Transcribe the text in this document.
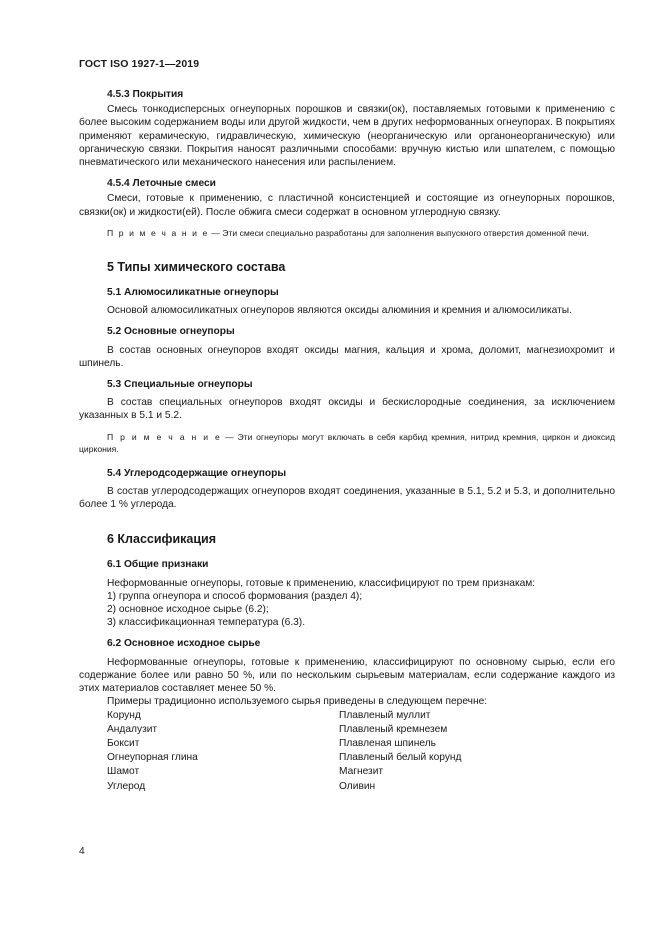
ГОСТ ISO 1927-1—2019
4.5.3 Покрытия

Смесь тонкодисперсных огнеупорных порошков и связки(ок), поставляемых готовыми к применению с более высоким содержанием воды или другой жидкости, чем в других неформованных огнеупорах. В покрытиях применяют керамическую, гидравлическую, химическую (неорганическую или органонеорганическую) или органическую связки. Покрытия наносят различными способами: вручную кистью или шпателем, с помощью пневматического или механического нанесения или распылением.

4.5.4 Леточные смеси

Смеси, готовые к применению, с пластичной консистенцией и состоящие из огнеупорных порошков, связки(ок) и жидкости(ей). После обжига смеси содержат в основном углеродную связку.

П р и м е ч а н и е — Эти смеси специально разработаны для заполнения выпускного отверстия доменной печи.

5 Типы химического состава
5.1 Алюмосиликатные огнеупоры

Основой алюмосиликатных огнеупоров являются оксиды алюминия и кремния и алюмосиликаты.

5.2 Основные огнеупоры

В состав основных огнеупоров входят оксиды магния, кальция и хрома, доломит, магнезиохромит и шпинель.

5.3 Специальные огнеупоры

В состав специальных огнеупоров входят оксиды и бескислородные соединения, за исключением указанных в 5.1 и 5.2.

П р и м е ч а н и е — Эти огнеупоры могут включать в себя карбид кремния, нитрид кремния, циркон и диоксид циркония.

5.4 Углеродсодержащие огнеупоры

В состав углеродсодержащих огнеупоров входят соединения, указанные в 5.1, 5.2 и 5.3, и дополнительно более 1 % углерода.

6 Классификация
6.1 Общие признаки

Неформованные огнеупоры, готовые к применению, классифицируют по трем признакам:

1) группа огнеупора и способ формования (раздел 4);
2) основное исходное сырье (6.2);
3) классификационная температура (6.3).
6.2 Основное исходное сырье

Неформованные огнеупоры, готовые к применению, классифицируют по основному сырью, если его содержание более или равно 50 %, или по нескольким сырьевым материалам, если содержание каждого из этих материалов составляет менее 50 %.

Примеры традиционно используемого сырья приведены в следующем перечне:

Корунд	Плавленый муллит
Андалузит	Плавленый кремнезем
Боксит	Плавленая шпинель
Огнеупорная глина	Плавленый белый корунд
Шамот	Магнезит
Углерод	Оливин
4
